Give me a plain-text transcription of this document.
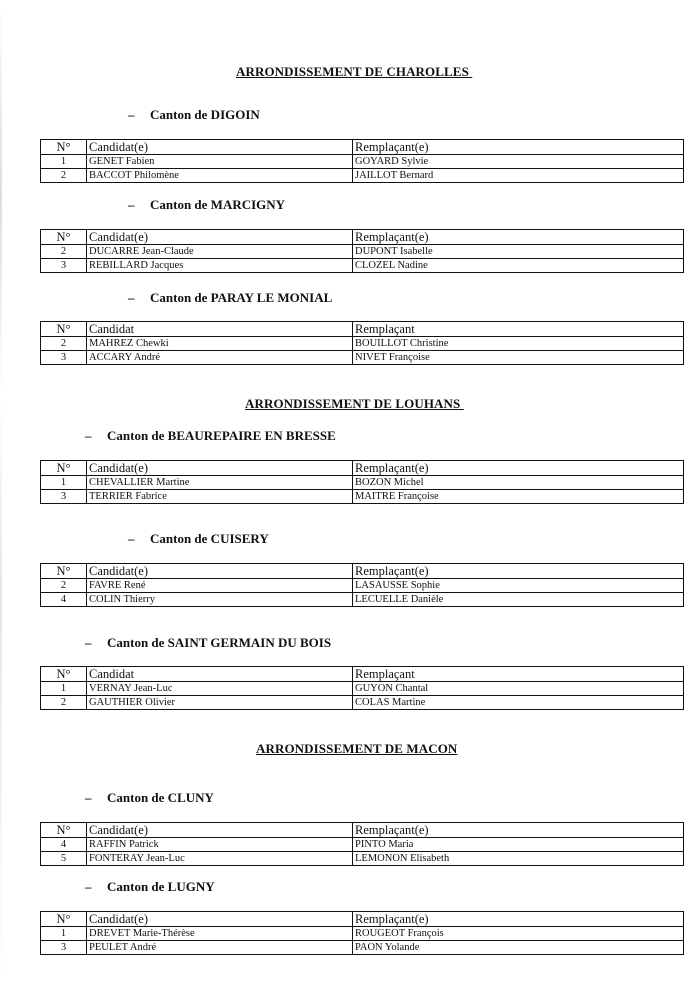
ARRONDISSEMENT DE CHAROLLES
ARRONDISSEMENT DE LOUHANS
ARRONDISSEMENT DE MACON
– Canton de DIGOIN
– Canton de MARCIGNY
– Canton de PARAY LE MONIAL
– Canton de BEAUREPAIRE EN BRESSE
– Canton de CUISERY
– Canton de SAINT GERMAIN DU BOIS
– Canton de CLUNY
– Canton de LUGNY
N°	Candidat(e)	Remplaçant(e)
1	GENET Fabien	GOYARD Sylvie
2	BACCOT Philomène	JAILLOT Bernard
N°	Candidat(e)	Remplaçant(e)
2	DUCARRE Jean-Claude	DUPONT Isabelle
3	REBILLARD Jacques	CLOZEL Nadine
N°	Candidat	Remplaçant
2	MAHREZ Chewki	BOUILLOT Christine
3	ACCARY André	NIVET Françoise
N°	Candidat(e)	Remplaçant(e)
1	CHEVALLIER Martine	BOZON Michel
3	TERRIER Fabrice	MAITRE Françoise
N°	Candidat(e)	Remplaçant(e)
2	FAVRE René	LASAUSSE Sophie
4	COLIN Thierry	LECUELLE Danièle
N°	Candidat	Remplaçant
1	VERNAY Jean-Luc	GUYON Chantal
2	GAUTHIER Olivier	COLAS Martine
N°	Candidat(e)	Remplaçant(e)
4	RAFFIN Patrick	PINTO Maria
5	FONTERAY Jean-Luc	LEMONON Elisabeth
N°	Candidat(e)	Remplaçant(e)
1	DREVET Marie-Thérèse	ROUGEOT François
3	PEULET André	PAON Yolande
